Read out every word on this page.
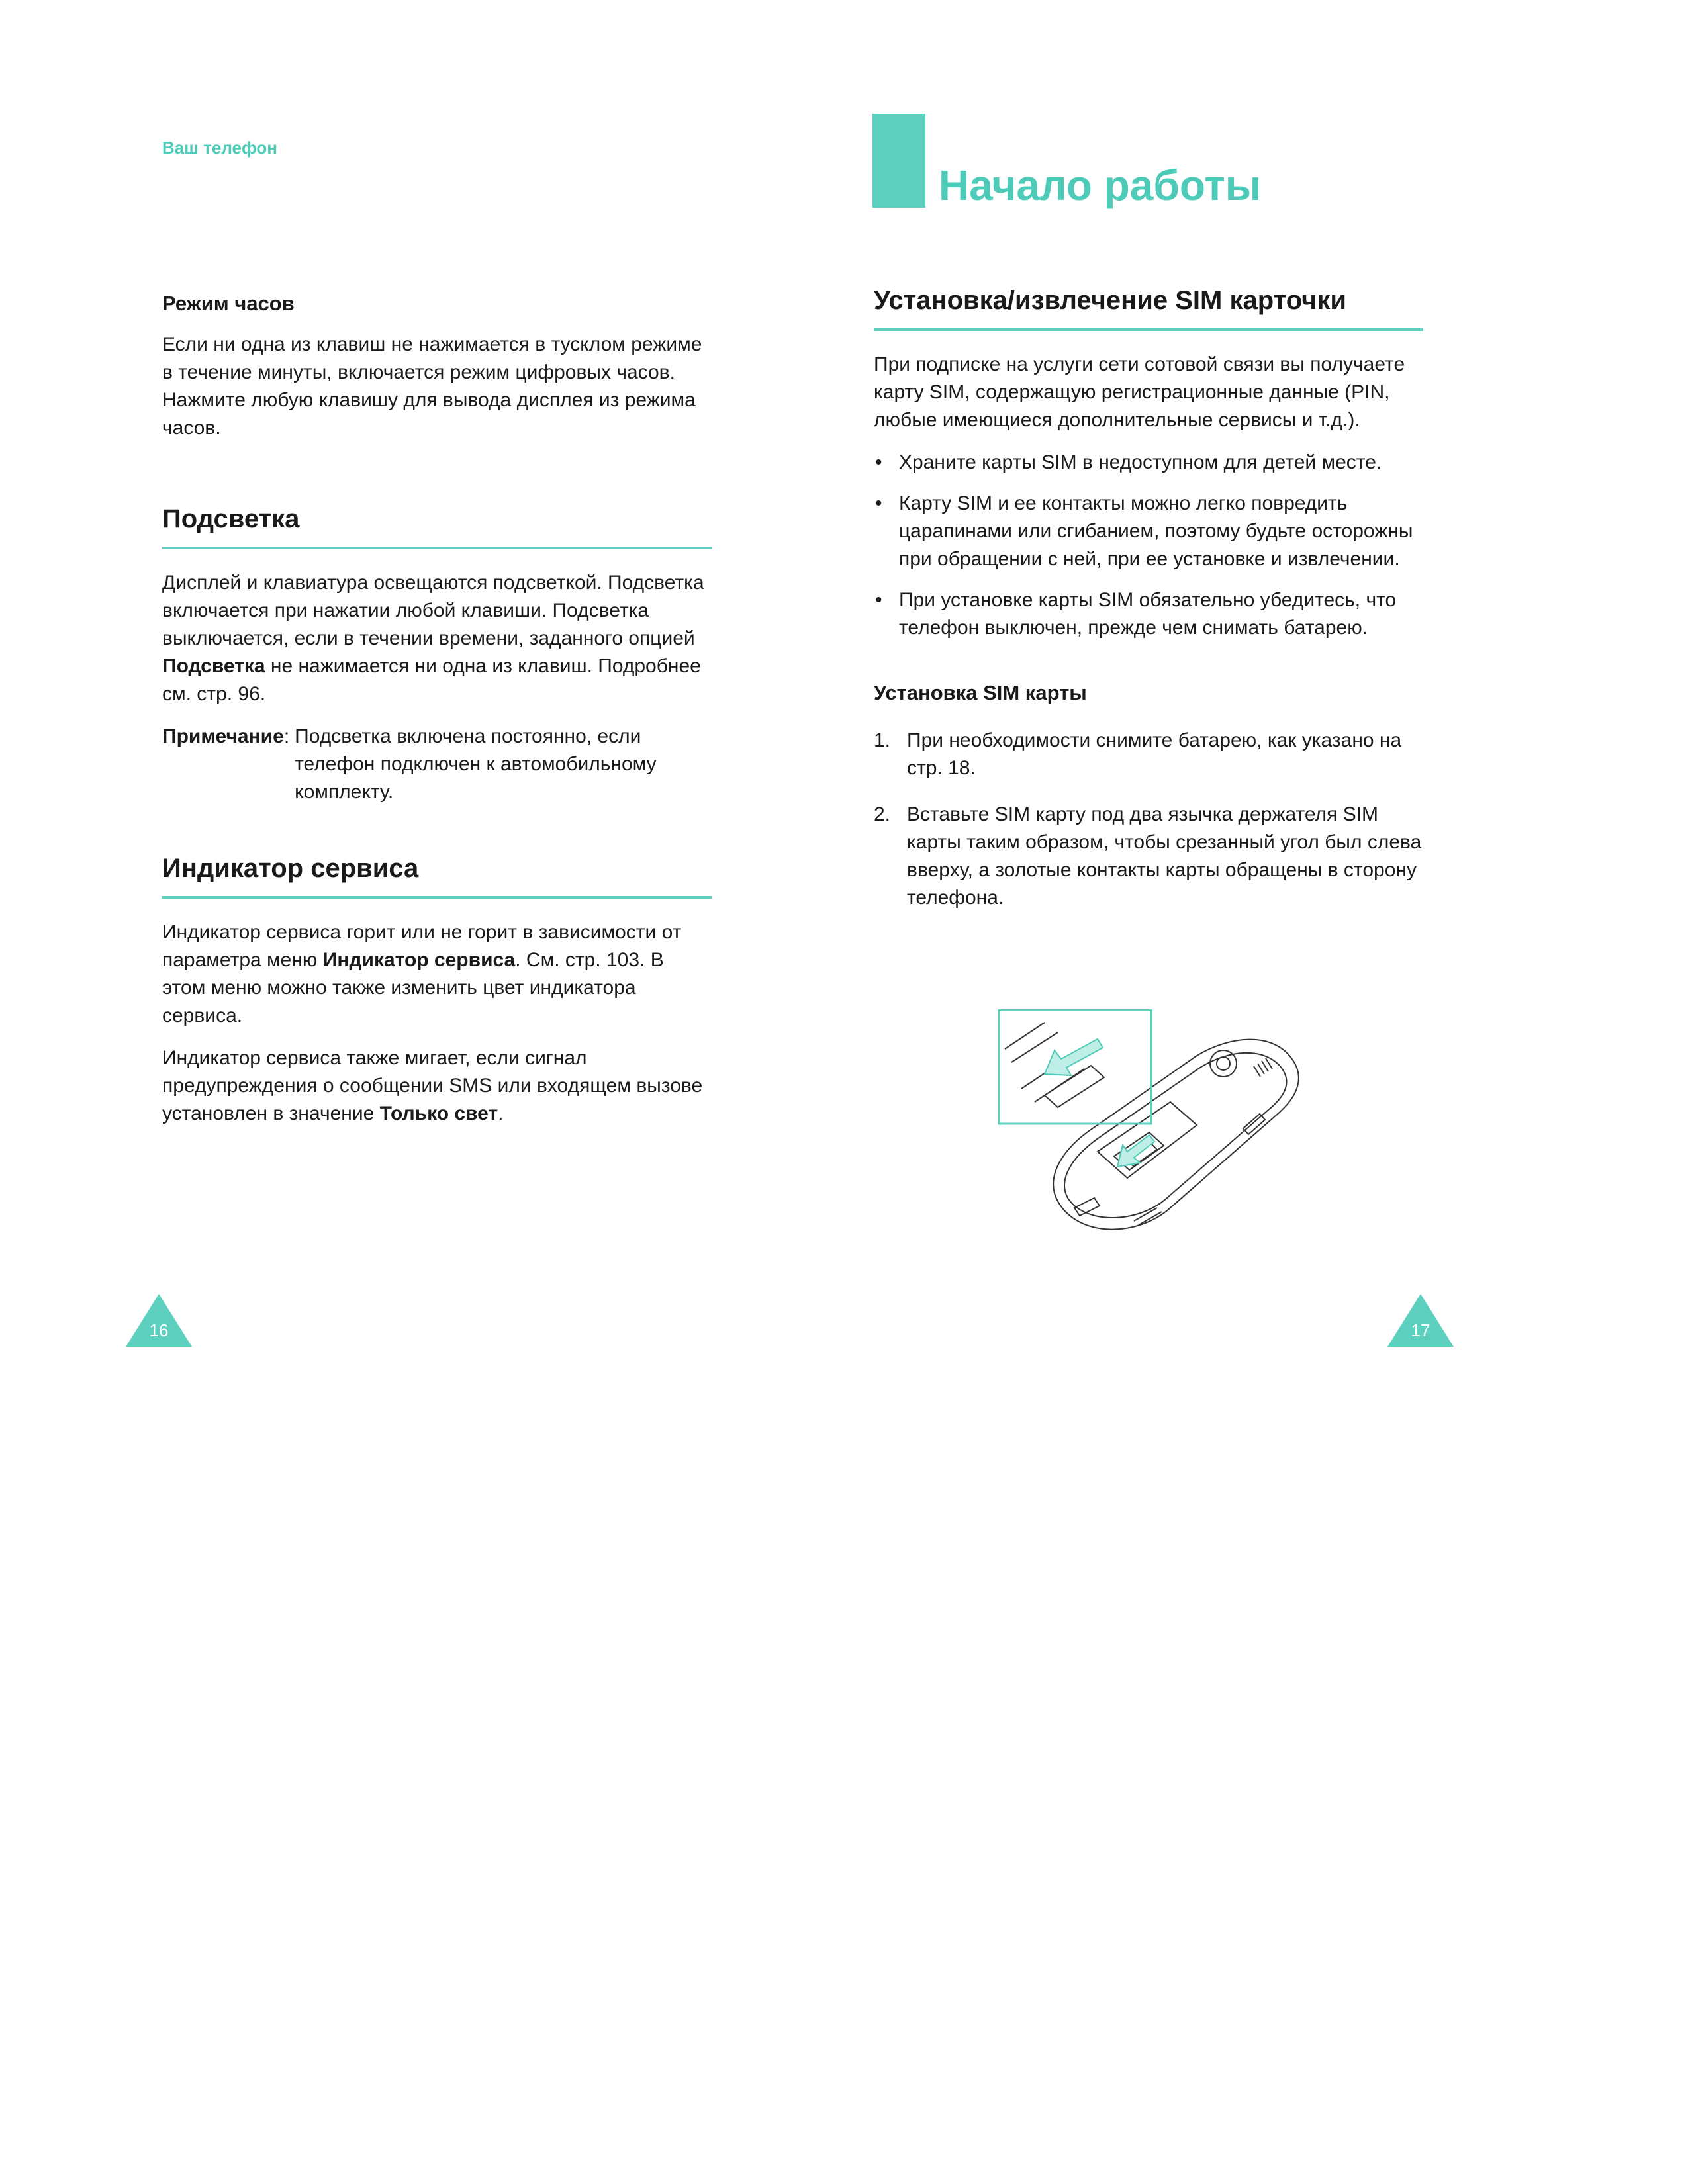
Ваш телефон
Начало работы
Режим часов

Если ни одна из клавиш не нажимается в тусклом режиме в течение минуты, включается режим цифровых часов. Нажмите любую клавишу для вывода дисплея из режима часов.

Подсветка

Дисплей и клавиатура освещаются подсветкой. Подсветка включается при нажатии любой клавиши. Подсветка выключается, если в течении времени, заданного опцией Подсветка не нажимается ни одна из клавиш. Подробнее см. стр. 96.

Примечание : Подсветка включена постоянно, если телефон подключен к автомобильному комплекту.
Индикатор сервиса

Индикатор сервиса горит или не горит в зависимости от параметра меню Индикатор сервиса. См. стр. 103. В этом меню можно также изменить цвет индикатора сервиса.

Индикатор сервиса также мигает, если сигнал предупреждения о сообщении SMS или входящем вызове установлен в значение Только свет.

Установка/извлечение SIM карточки

При подписке на услуги сети сотовой связи вы получаете карту SIM, содержащую регистрационные данные (PIN, любые имеющиеся дополнительные сервисы и т.д.).

• Храните карты SIM в недоступном для детей месте.
• Карту SIM и ее контакты можно легко повредить царапинами или сгибанием, поэтому будьте осторожны при обращении с ней, при ее установке и извлечении.
• При установке карты SIM обязательно убедитесь, что телефон выключен, прежде чем снимать батарею.
Установка SIM карты
1. При необходимости снимите батарею, как указано на стр. 18.
2. Вставьте SIM карту под два язычка держателя SIM карты таким образом, чтобы срезанный угол был слева вверху, а золотые контакты карты обращены в сторону телефона.
16	17
